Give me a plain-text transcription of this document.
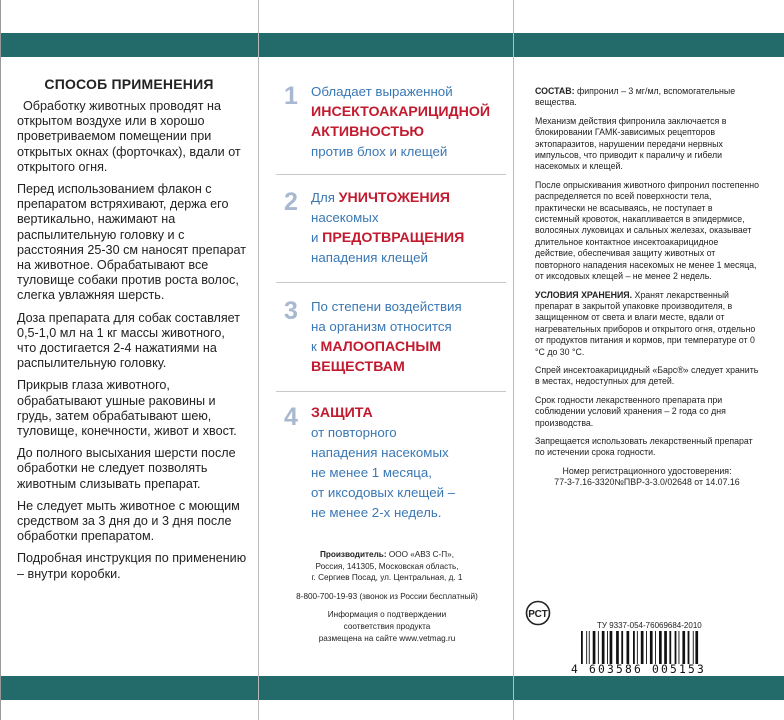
СПОСОБ ПРИМЕНЕНИЯ

Обработку животных проводят на открытом воздухе или в хорошо проветриваемом помещении при открытых окнах (форточках), вдали от открытого огня.

Перед использованием флакон с препаратом встряхивают, держа его вертикально, нажимают на распылительную головку и с расстояния 25-30 см наносят препарат на животное. Обрабатывают все туловище собаки против роста волос, слегка увлажняя шерсть.

Доза препарата для собак составляет 0,5-1,0 мл на 1 кг массы животного, что достигается 2-4 нажатиями на распылительную головку.

Прикрыв глаза животного, обрабатывают ушные раковины и грудь, затем обрабатывают шею, туловище, конечности, живот и хвост.

До полного высыхания шерсти после обработки не следует позволять животным слизывать препарат.

Не следует мыть животное с моющим средством за 3 дня до и 3 дня после обработки препаратом.

Подробная инструкция по применению – внутри коробки.

1 Обладает выраженной
ИНСЕКТОАКАРИЦИДНОЙ
АКТИВНОСТЬЮ
против блох и клещей
2 Для УНИЧТОЖЕНИЯ
насекомых
и ПРЕДОТВРАЩЕНИЯ
нападения клещей
3 По степени воздействия
на организм относится
к МАЛООПАСНЫМ
ВЕЩЕСТВАМ
4 ЗАЩИТА
от повторного
нападения насекомых
не менее 1 месяца,
от иксодовых клещей –
не менее 2-х недель.
Производитель: ООО «АВЗ С-П»,
Россия, 141305, Московская область,
г. Сергиев Посад, ул. Центральная, д. 1
8-800-700-19-93 (звонок из России бесплатный)
Информация о подтверждении
соответствия продукта
размещена на сайте www.vetmag.ru

СОСТАВ: фипронил – 3 мг/мл, вспомогательные вещества.

Механизм действия фипронила заключается в блокировании ГАМК-зависимых рецепторов эктопаразитов, нарушении передачи нервных импульсов, что приводит к параличу и гибели насекомых и клещей.

После опрыскивания животного фипронил постепенно распределяется по всей поверхности тела, практически не всасываясь, не поступает в системный кровоток, накапливается в эпидермисе, волосяных луковицах и сальных железах, оказывает длительное контактное инсектоакарицидное действие, обеспечивая защиту животных от повторного нападения насекомых не менее 1 месяца, от иксодовых клещей – не менее 2 недель.

УСЛОВИЯ ХРАНЕНИЯ. Хранят лекарственный препарат в закрытой упаковке производителя, в защищенном от света и влаги месте, вдали от нагревательных приборов и открытого огня, отдельно от продуктов питания и кормов, при температуре от 0 °С до 30 °С.

Спрей инсектоакарицидный «Барс®» следует хранить в местах, недоступных для детей.

Срок годности лекарственного препарата при соблюдении условий хранения – 2 года со дня производства.

Запрещается использовать лекарственный препарат по истечении срока годности.

Номер регистрационного удостоверения:
77-3-7.16-3320№ПВР-3-3.0/02648 от 14.07.16
РСТ
ТУ 9337-054-76069684-2010
4 603586 005153
